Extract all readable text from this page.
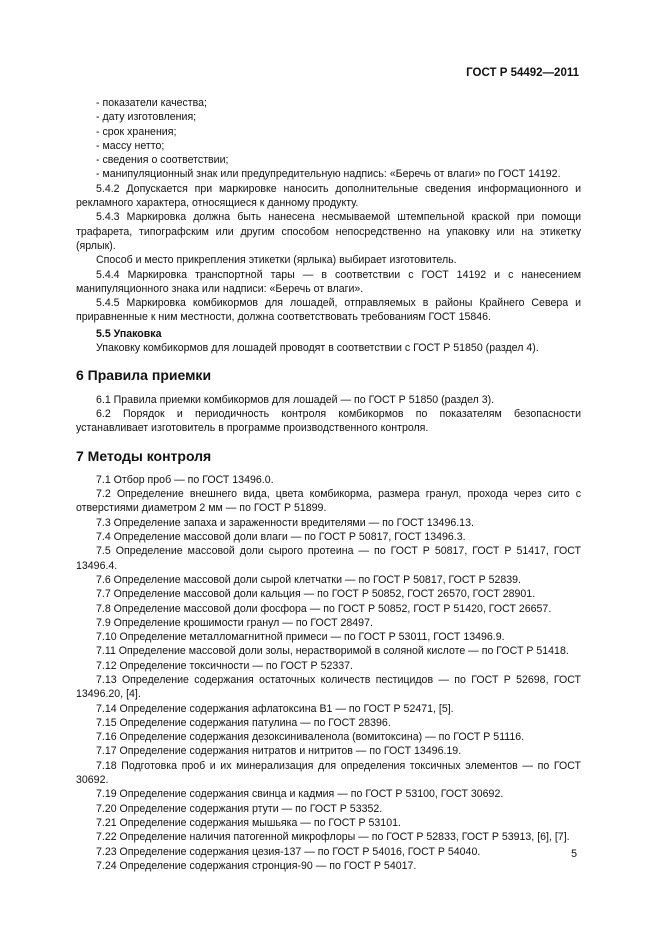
ГОСТ Р 54492—2011

- показатели качества;

- дату изготовления;

- срок хранения;

- массу нетто;

- сведения о соответствии;

- манипуляционный знак или предупредительную надпись: «Беречь от влаги» по ГОСТ 14192.

5.4.2 Допускается при маркировке наносить дополнительные сведения информационного и рекламного характера, относящиеся к данному продукту.

5.4.3 Маркировка должна быть нанесена несмываемой штемпельной краской при помощи трафарета, типографским или другим способом непосредственно на упаковку или на этикетку (ярлык).

Способ и место прикрепления этикетки (ярлыка) выбирает изготовитель.

5.4.4 Маркировка транспортной тары — в соответствии с ГОСТ 14192 и с нанесением манипуляционного знака или надписи: «Беречь от влаги».

5.4.5 Маркировка комбикормов для лошадей, отправляемых в районы Крайнего Севера и приравненные к ним местности, должна соответствовать требованиям ГОСТ 15846.

5.5 Упаковка

Упаковку комбикормов для лошадей проводят в соответствии с ГОСТ Р 51850 (раздел 4).

6 Правила приемки

6.1 Правила приемки комбикормов для лошадей — по ГОСТ Р 51850 (раздел 3).

6.2 Порядок и периодичность контроля комбикормов по показателям безопасности устанавливает изготовитель в программе производственного контроля.

7 Методы контроля

7.1 Отбор проб — по ГОСТ 13496.0.

7.2 Определение внешнего вида, цвета комбикорма, размера гранул, прохода через сито с отверстиями диаметром 2 мм — по ГОСТ Р 51899.

7.3 Определение запаха и зараженности вредителями — по ГОСТ 13496.13.

7.4 Определение массовой доли влаги — по ГОСТ Р 50817, ГОСТ 13496.3.

7.5 Определение массовой доли сырого протеина — по ГОСТ Р 50817, ГОСТ Р 51417, ГОСТ 13496.4.

7.6 Определение массовой доли сырой клетчатки — по ГОСТ Р 50817, ГОСТ Р 52839.

7.7 Определение массовой доли кальция — по ГОСТ Р 50852, ГОСТ 26570, ГОСТ 28901.

7.8 Определение массовой доли фосфора — по ГОСТ Р 50852, ГОСТ Р 51420, ГОСТ 26657.

7.9 Определение крошимости гранул — по ГОСТ 28497.

7.10 Определение металломагнитной примеси — по ГОСТ Р 53011, ГОСТ 13496.9.

7.11 Определение массовой доли золы, нерастворимой в соляной кислоте — по ГОСТ Р 51418.

7.12 Определение токсичности — по ГОСТ Р 52337.

7.13 Определение содержания остаточных количеств пестицидов — по ГОСТ Р 52698, ГОСТ 13496.20, [4].

7.14 Определение содержания афлатоксина В1 — по ГОСТ Р 52471, [5].

7.15 Определение содержания патулина — по ГОСТ 28396.

7.16 Определение содержания дезоксиниваленола (вомитоксина) — по ГОСТ Р 51116.

7.17 Определение содержания нитратов и нитритов — по ГОСТ 13496.19.

7.18 Подготовка проб и их минерализация для определения токсичных элементов — по ГОСТ 30692.

7.19 Определение содержания свинца и кадмия — по ГОСТ Р 53100, ГОСТ 30692.

7.20 Определение содержания ртути — по ГОСТ Р 53352.

7.21 Определение содержания мышьяка — по ГОСТ Р 53101.

7.22 Определение наличия патогенной микрофлоры — по ГОСТ Р 52833, ГОСТ Р 53913, [6], [7].

7.23 Определение содержания цезия-137 — по ГОСТ Р 54016, ГОСТ Р 54040.

7.24 Определение содержания стронция-90 — по ГОСТ Р 54017.

5
